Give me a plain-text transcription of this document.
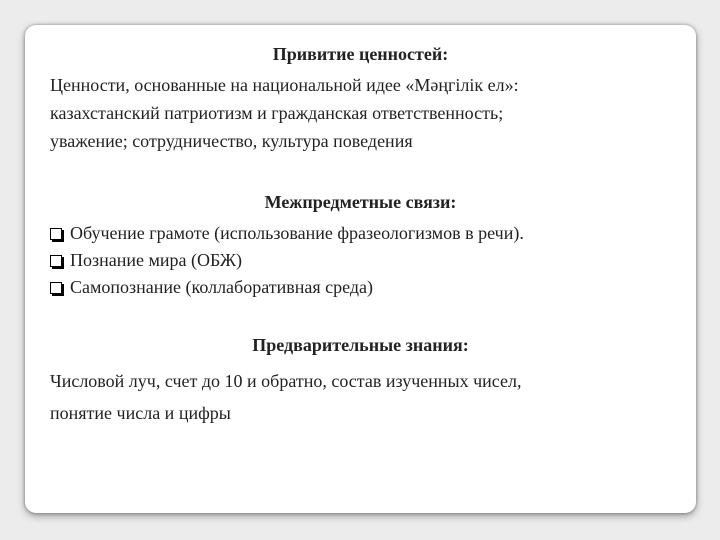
Привитие ценностей:
Ценности, основанные на национальной идее «Мәңгілік ел»:
казахстанский патриотизм и гражданская ответственность;
уважение; сотрудничество, культура поведения
Межпредметные связи:
Обучение грамоте (использование фразеологизмов в речи).
Познание мира (ОБЖ)
Самопознание (коллаборативная среда)
Предварительные знания:
Числовой луч, счет до 10 и обратно, состав изученных чисел,
понятие числа и цифры
